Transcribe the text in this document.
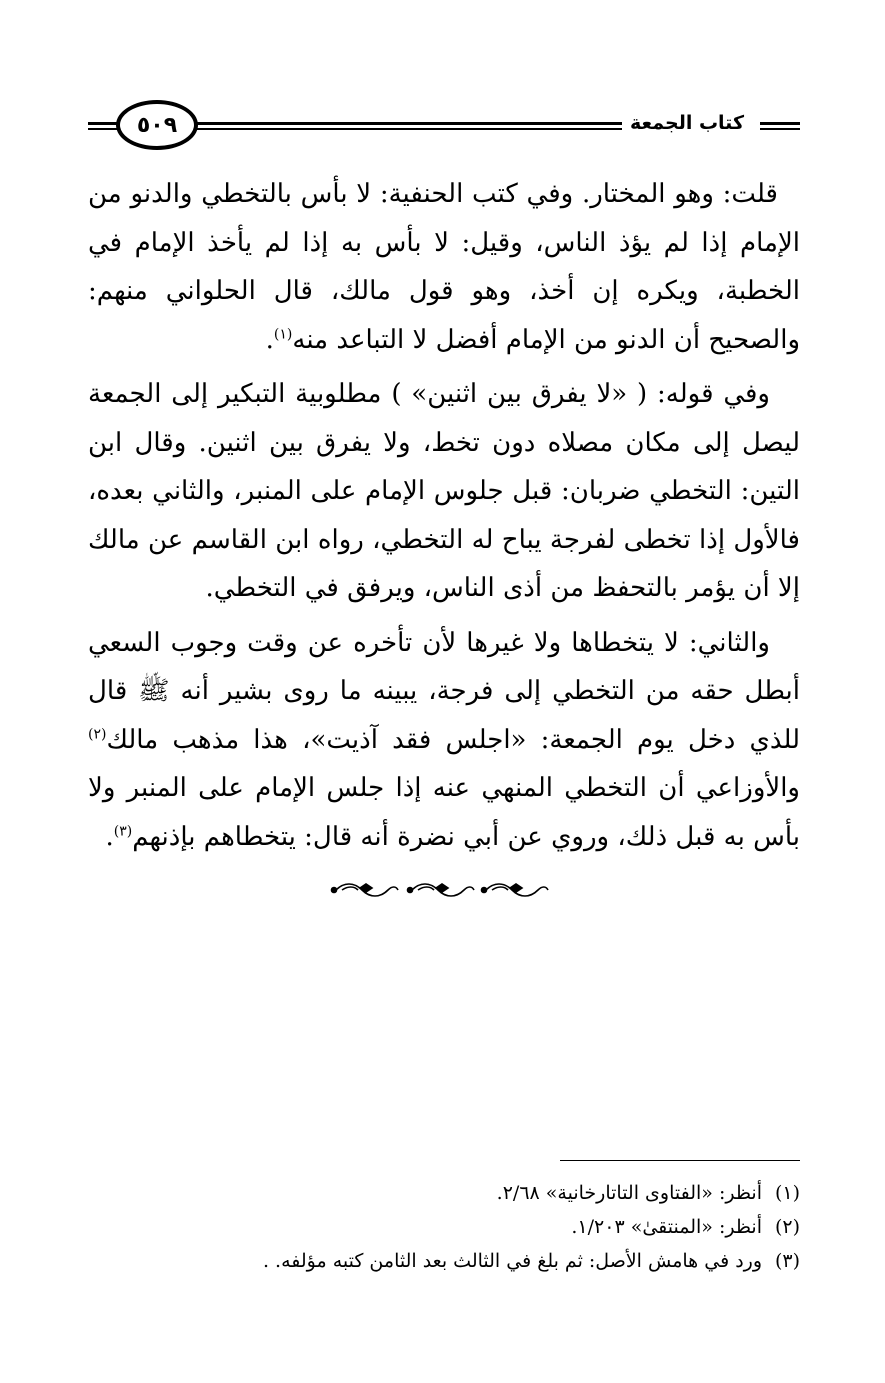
٥٠٩	كتاب الجمعة

قلت: وهو المختار. وفي كتب الحنفية: لا بأس بالتخطي والدنو من الإمام إذا لم يؤذ الناس، وقيل: لا بأس به إذا لم يأخذ الإمام في الخطبة، ويكره إن أخذ، وهو قول مالك، قال الحلواني منهم: والصحيح أن الدنو من الإمام أفضل لا التباعد منه$^{(١)}$.

وفي قوله: ( «لا يفرق بين اثنين» ) مطلوبية التبكير إلى الجمعة ليصل إلى مكان مصلاه دون تخط، ولا يفرق بين اثنين. وقال ابن التين: التخطي ضربان: قبل جلوس الإمام على المنبر، والثاني بعده، فالأول إذا تخطى لفرجة يباح له التخطي، رواه ابن القاسم عن مالك إلا أن يؤمر بالتحفظ من أذى الناس، ويرفق في التخطي.

والثاني: لا يتخطاها ولا غيرها لأن تأخره عن وقت وجوب السعي أبطل حقه من التخطي إلى فرجة، يبينه ما روى بشير أنه ﷺ قال للذي دخل يوم الجمعة: «اجلس فقد آذيت»، هذا مذهب مالك$^{(٢)}$ والأوزاعي أن التخطي المنهي عنه إذا جلس الإمام على المنبر ولا بأس به قبل ذلك، وروي عن أبي نضرة أنه قال: يتخطاهم بإذنهم$^{(٣)}$.

(١)أنظر: «الفتاوى التاتارخانية» ٢/٦٨.
(٢)أنظر: «المنتقىٰ» ١/٢٠٣.
(٣)ورد في هامش الأصل: ثم بلغ في الثالث بعد الثامن كتبه مؤلفه. .
